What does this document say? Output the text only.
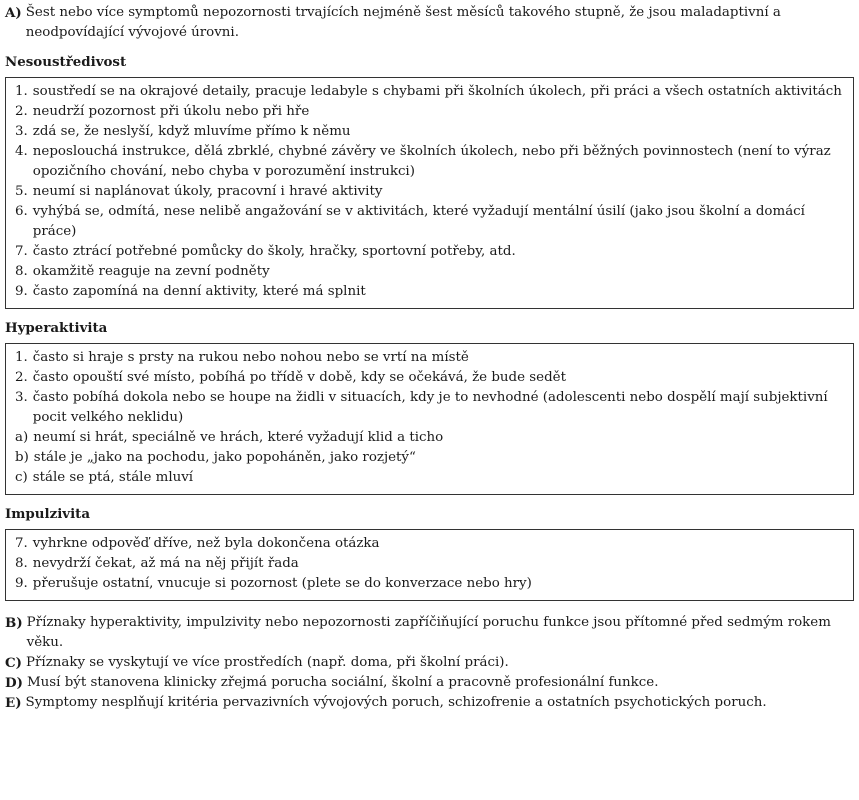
A) Šest nebo více symptomů nepozornosti trvajících nejméně šest měsíců takového stupně, že jsou maladaptivní a neodpovídající vývojové úrovni.
Nesoustředivost
1. soustředí se na okrajové detaily, pracuje ledabyle s chybami při školních úkolech, při práci a všech ostatních aktivitách
2. neudrží pozornost při úkolu nebo při hře
3. zdá se, že neslyší, když mluvíme přímo k němu
4. neposlouchá instrukce, dělá zbrklé, chybné závěry ve školních úkolech, nebo při běžných povinnostech (není to výraz opozičního chování, nebo chyba v porozumění instrukci)
5. neumí si naplánovat úkoly, pracovní i hravé aktivity
6. vyhýbá se, odmítá, nese nelibě angažování se v aktivitách, které vyžadují mentální úsilí (jako jsou školní a domácí práce)
7. často ztrácí potřebné pomůcky do školy, hračky, sportovní potřeby, atd.
8. okamžitě reaguje na zevní podněty
9. často zapomíná na denní aktivity, které má splnit
Hyperaktivita
1. často si hraje s prsty na rukou nebo nohou nebo se vrtí na místě
2. často opouští své místo, pobíhá po třídě v době, kdy se očekává, že bude sedět
3. často pobíhá dokola nebo se houpe na židli v situacích, kdy je to nevhodné (adolescenti nebo dospělí mají subjektivní pocit velkého neklidu)
a) neumí si hrát, speciálně ve hrách, které vyžadují klid a ticho
b) stále je „jako na pochodu, jako popoháněn, jako rozjetý“
c) stále se ptá, stále mluví
Impulzivita
7. vyhrkne odpověď dříve, než byla dokončena otázka
8. nevydrží čekat, až má na něj přijít řada
9. přerušuje ostatní, vnucuje si pozornost (plete se do konverzace nebo hry)
B) Příznaky hyperaktivity, impulzivity nebo nepozornosti zapříčiňující poruchu funkce jsou přítomné před sedmým rokem věku.
C) Příznaky se vyskytují ve více prostředích (např. doma, při školní práci).
D) Musí být stanovena klinicky zřejmá porucha sociální, školní a pracovně profesionální funkce.
E) Symptomy nesplňují kritéria pervazivních vývojových poruch, schizofrenie a ostatních psychotických poruch.
